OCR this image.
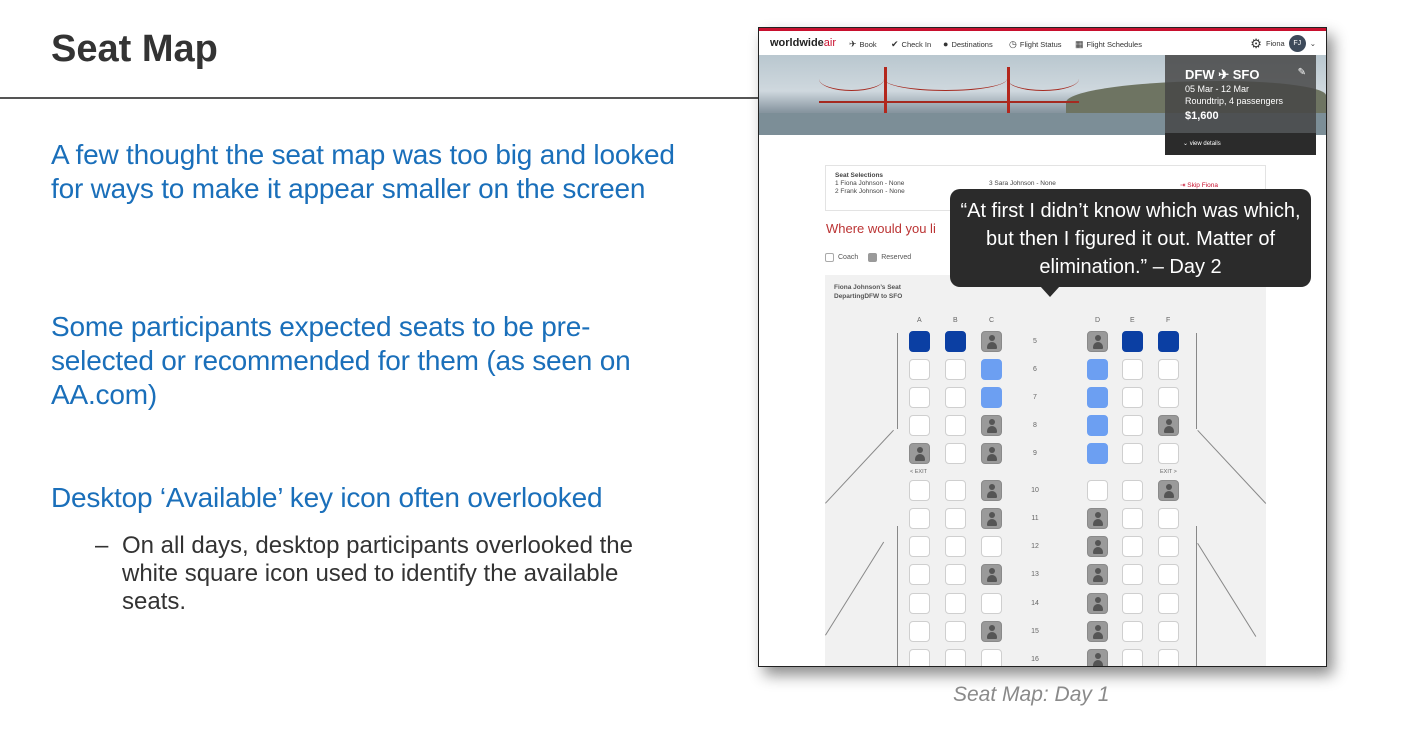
Seat Map
A few thought the seat map was too big and looked for ways to make it appear smaller on the screen
Some participants expected seats to be pre-selected or recommended for them (as seen on AA.com)
Desktop ‘Available’ key icon often overlooked
– On all days, desktop participants overlooked the white square icon used to identify the available seats.
worldwideair ✈ Book ✔ Check In ● Destinations ◷ Flight Status ▦ Flight Schedules	⚙ Fiona	FJ	⌄
DFW ✈ SFO	✎
05 Mar - 12 Mar
Roundtrip, 4 passengers
$1,600
⌄ view details
Seat Selections
1 Fiona Johnson - None
2 Frank Johnson - None
3 Sara Johnson - None	⇥ Skip Fiona
Where would you li
Coach	Reserved
Fiona Johnson’s Seat
DepartingDFW to SFO
< EXIT	EXIT >
A	B	C	D	E	F
5
6
7
8
9
10
11
12
13
14
15
16
“At first I didn’t know which was which, but then I figured it out. Matter of elimination.” – Day 2
Seat Map: Day 1
